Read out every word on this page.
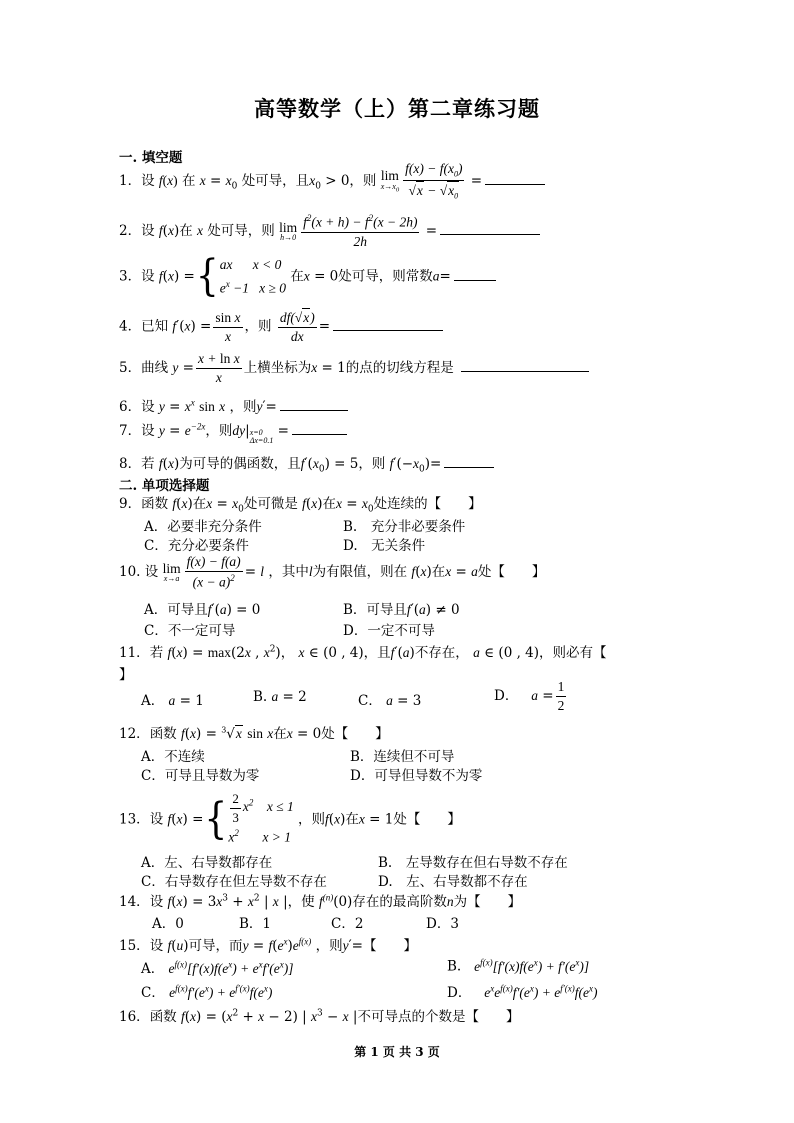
高等数学（上）第二章练习题
一. 填空题
1．设 f(x) 在 $x = x_0$ 处可导，且$x_0 > 0$，则 lim
$x\to x_0 \frac{f(x) - f(x_0)}{√x - √x_0}$ =
2．设 f(x)在 x 处可导，则 lim
$h\to 0 \frac{f^2(x + h) - f^2(x - 2h)}{2h}$ =
3．设 f(x) ={ ax      x < 0
$e^x -1$   x ≥ 0
在x = 0处可导，则常数a=
4．已知 $f'(x) = \frac{\text{sin x}}{x}$ ，则 $\frac{df(√x)}{dx}$ =
5．曲线 $y = \frac{\text{x + ln x}}{x}$ 上横坐标为x = 1的点的切线方程是
6．设 $y = x^x$ sin x ，则y′=
7．设 $y = e^{-2x}$，则dy|x=0
Δx=0.1 =
8．若 f(x)为可导的偶函数，且$f'(x_0) = 5$，则 $f'(-x_0)=$
二. 单项选择题
9．函数 f(x)在$x = x_0$处可微是 f(x)在$x = x_0$处连续的【　　】
A．必要非充分条件	B.　充分非必要条件
C．充分必要条件	D.　无关条件
10. 设 lim
$x\to a \frac{f(x) - f(a)}{(x - a)^2} = l$ ，其中l为有限值，则在 f(x)在x = a处【　　】
A．可导且f′(a) = 0	B．可导且f′(a) ≠ 0
C．不一定可导	D．一定不可导
11．若 f(x) = max(2x , $x^2$)， x ∈ (0 , 4)，且f′(a)不存在， a ∈ (0 , 4)，则必有【
】
A． a = 1	B. a = 2	C． a = 3	D． $a = \frac{1}{2}$
12．函数 f(x) = $^3$√x sin x在x = 0处【　　】
A．不连续	B．连续但不可导
C．可导且导数为零	D．可导但导数不为零
13．设 f(x) ={ $\frac{2}{3} x^2$    x ≤ 1
$x^2$       x > 1
，则f(x)在x = 1处【　　】
A．左、右导数都存在	B.　左导数存在但右导数不存在
C．右导数存在但左导数不存在	D.　左、右导数都不存在
14．设 $f(x) = 3x^3 + x^2$ | x |，使 $f^{(n)}(0)$存在的最高阶数n为【　　】
A．0	B．1	C．2	D．3
15．设 f(u)可导，而$y = f(e^x)e^{f(x)}$ ，则y′=【　　】
A． $e^{f(x)}[f'(x)f(e^x) + e^xf'(e^x)]$	B. $e^{f(x)}[f'(x)f(e^x) + f'(e^x)]$
C． $e^{f(x)}f'(e^x) + e^{f'(x)}f(e^x)$	D． $e^xe^{f(x)}f'(e^x) + e^{f'(x)}f(e^x)$
16．函数 $f(x) = (x^2 + x - 2)$ | $x^3 - x$ |不可导点的个数是【　　】
第 1 页 共 3 页
